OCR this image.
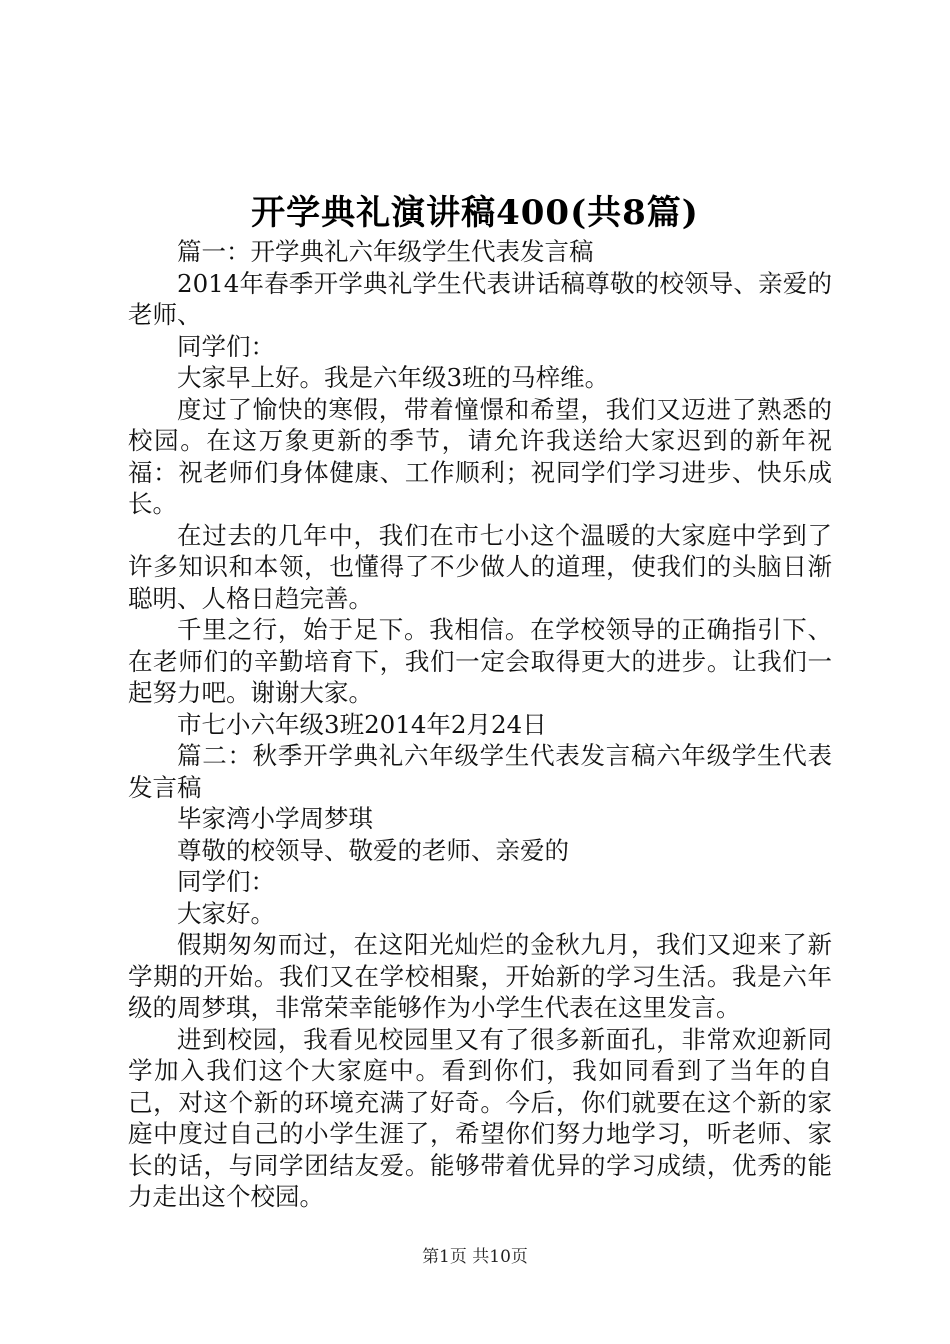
开学典礼演讲稿400(共8篇)

篇一：开学典礼六年级学生代表发言稿

2014年春季开学典礼学生代表讲话稿尊敬的校领导、亲爱的老师、

同学们：

大家早上好。我是六年级3班的马梓维。

度过了愉快的寒假，带着憧憬和希望，我们又迈进了熟悉的校园。在这万象更新的季节，请允许我送给大家迟到的新年祝福：祝老师们身体健康、工作顺利；祝同学们学习进步、快乐成长。

在过去的几年中，我们在市七小这个温暖的大家庭中学到了许多知识和本领，也懂得了不少做人的道理，使我们的头脑日渐聪明、人格日趋完善。

千里之行，始于足下。我相信。在学校领导的正确指引下、在老师们的辛勤培育下，我们一定会取得更大的进步。让我们一起努力吧。谢谢大家。

市七小六年级3班2014年2月24日

篇二：秋季开学典礼六年级学生代表发言稿六年级学生代表发言稿

毕家湾小学周梦琪

尊敬的校领导、敬爱的老师、亲爱的

同学们：

大家好。

假期匆匆而过，在这阳光灿烂的金秋九月，我们又迎来了新学期的开始。我们又在学校相聚，开始新的学习生活。我是六年级的周梦琪，非常荣幸能够作为小学生代表在这里发言。

进到校园，我看见校园里又有了很多新面孔，非常欢迎新同学加入我们这个大家庭中。看到你们，我如同看到了当年的自己，对这个新的环境充满了好奇。今后，你们就要在这个新的家庭中度过自己的小学生涯了，希望你们努力地学习，听老师、家长的话，与同学团结友爱。能够带着优异的学习成绩，优秀的能力走出这个校园。

第1页 共10页
